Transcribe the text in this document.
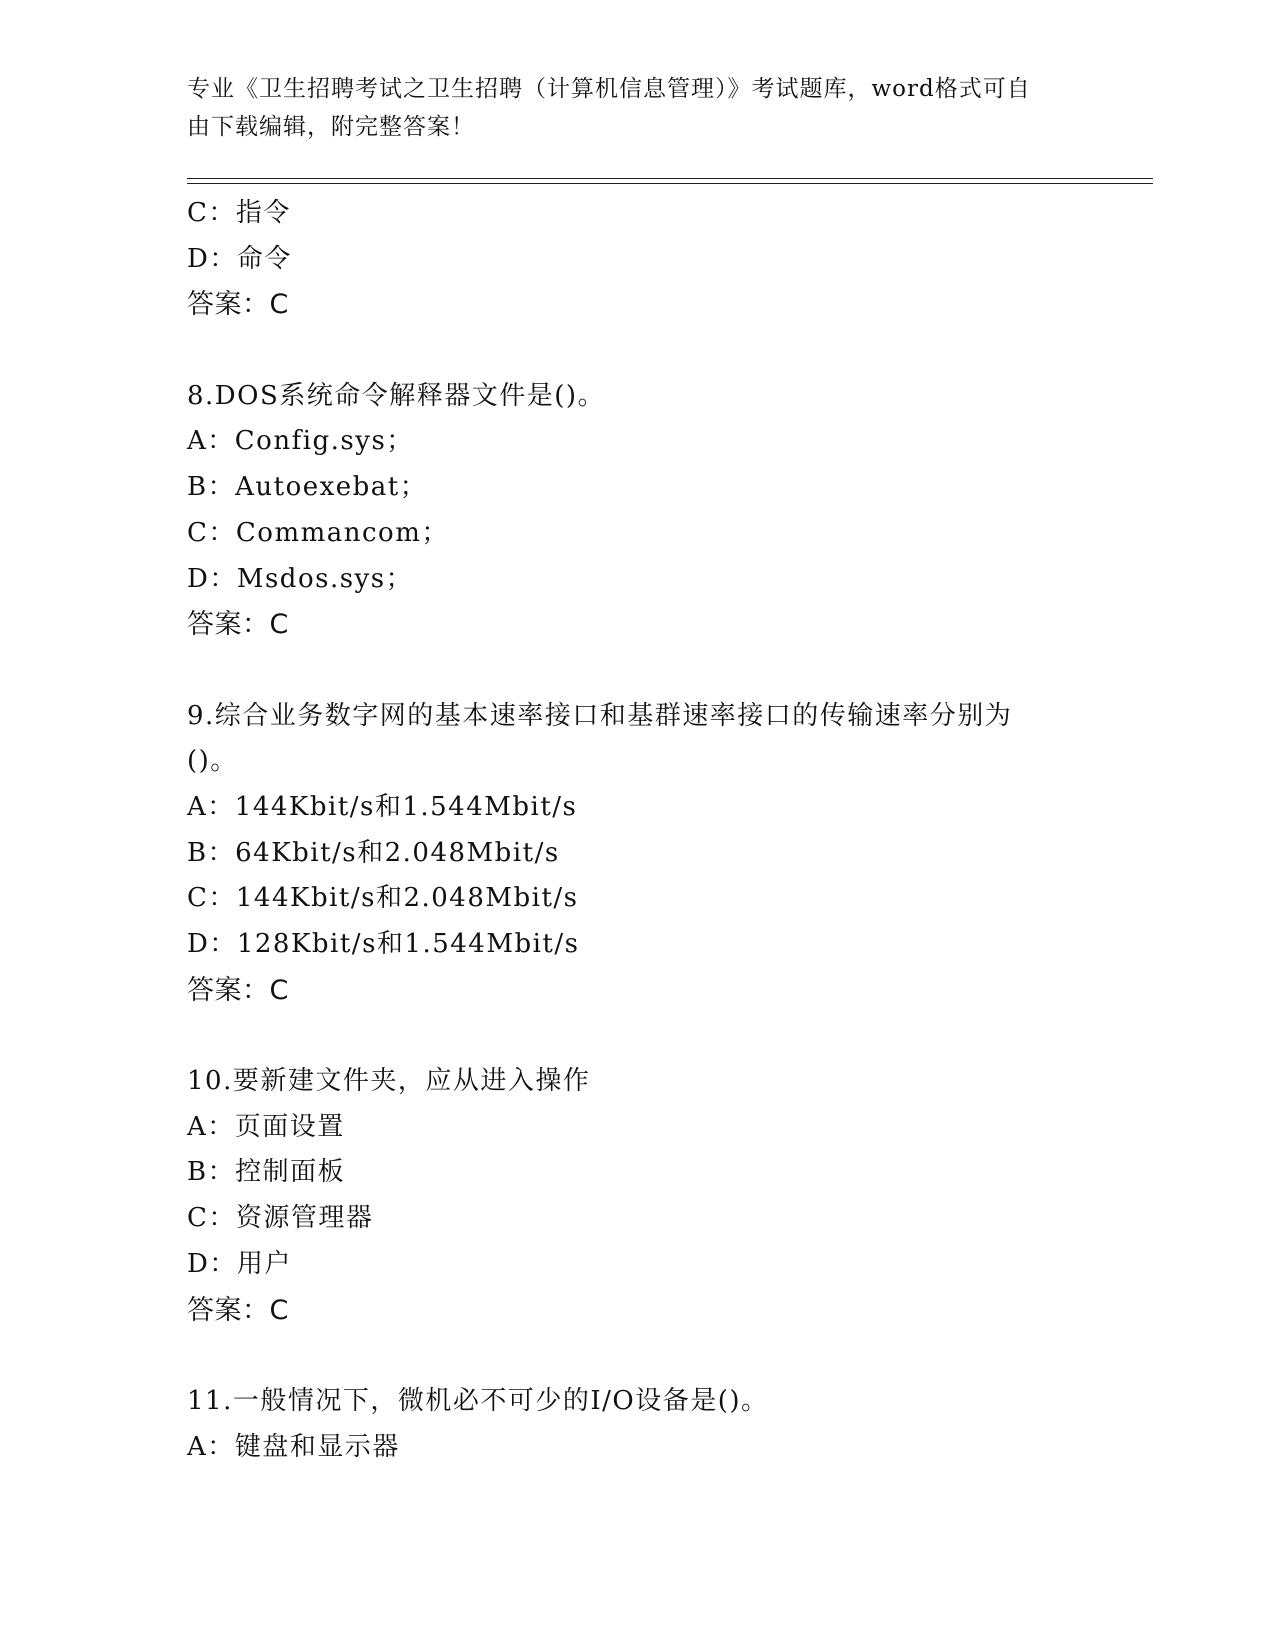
专业《卫生招聘考试之卫生招聘（计算机信息管理）》考试题库，word格式可自
由下载编辑，附完整答案！
C：指令
D：命令
答案：C
8.DOS系统命令解释器文件是()。
A：Config.sys；
B：Autoexebat；
C：Commancom；
D：Msdos.sys；
答案：C
9.综合业务数字网的基本速率接口和基群速率接口的传输速率分别为
()。
A：144Kbit/s和1.544Mbit/s
B：64Kbit/s和2.048Mbit/s
C：144Kbit/s和2.048Mbit/s
D：128Kbit/s和1.544Mbit/s
答案：C
10.要新建文件夹，应从进入操作
A：页面设置
B：控制面板
C：资源管理器
D：用户
答案：C
11.一般情况下，微机必不可少的I/O设备是()。
A：键盘和显示器
